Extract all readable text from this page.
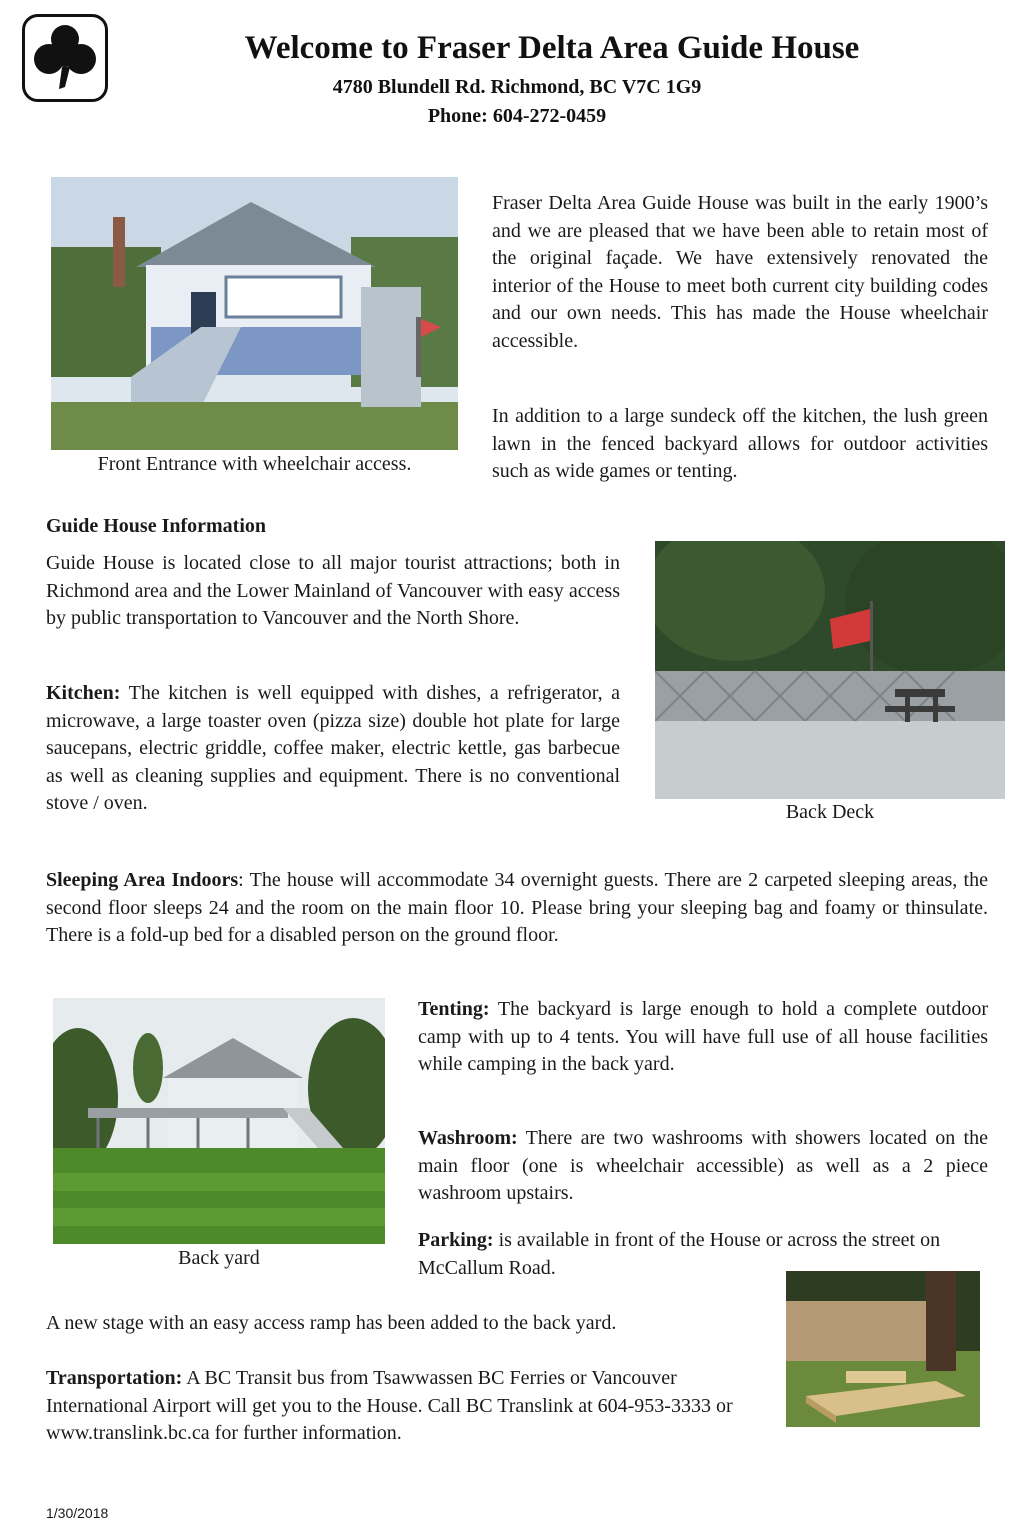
Welcome to Fraser Delta Area Guide House
4780 Blundell Rd. Richmond, BC V7C 1G9
Phone: 604-272-0459
Front Entrance with wheelchair access.
Fraser Delta Area Guide House was built in the early 1900’s and we are pleased that we have been able to retain most of the original façade. We have extensively renovated the interior of the House to meet both current city building codes and our own needs. This has made the House wheelchair accessible.
In addition to a large sundeck off the kitchen, the lush green lawn in the fenced backyard allows for outdoor activities such as wide games or tenting.
Guide House Information
Guide House is located close to all major tourist attractions; both in Richmond area and the Lower Mainland of Vancouver with easy access by public transportation to Vancouver and the North Shore.
Kitchen: The kitchen is well equipped with dishes, a refrigerator, a microwave, a large toaster oven (pizza size) double hot plate for large saucepans, electric griddle, coffee maker, electric kettle, gas barbecue as well as cleaning supplies and equipment. There is no conventional stove / oven.	Back Deck
Sleeping Area Indoors: The house will accommodate 34 overnight guests. There are 2 carpeted sleeping areas, the second floor sleeps 24 and the room on the main floor 10. Please bring your sleeping bag and foamy or thinsulate. There is a fold-up bed for a disabled person on the ground floor.
Back yard
Tenting: The backyard is large enough to hold a complete outdoor camp with up to 4 tents. You will have full use of all house facilities while camping in the back yard.
Washroom: There are two washrooms with showers located on the main floor (one is wheelchair accessible) as well as a 2 piece washroom upstairs.
Parking: is available in front of the House or across the street on McCallum Road.
A new stage with an easy access ramp has been added to the back yard.
Transportation: A BC Transit bus from Tsawwassen BC Ferries or Vancouver International Airport will get you to the House. Call BC Translink at 604-953-3333 or www.translink.bc.ca for further information.
1/30/2018
